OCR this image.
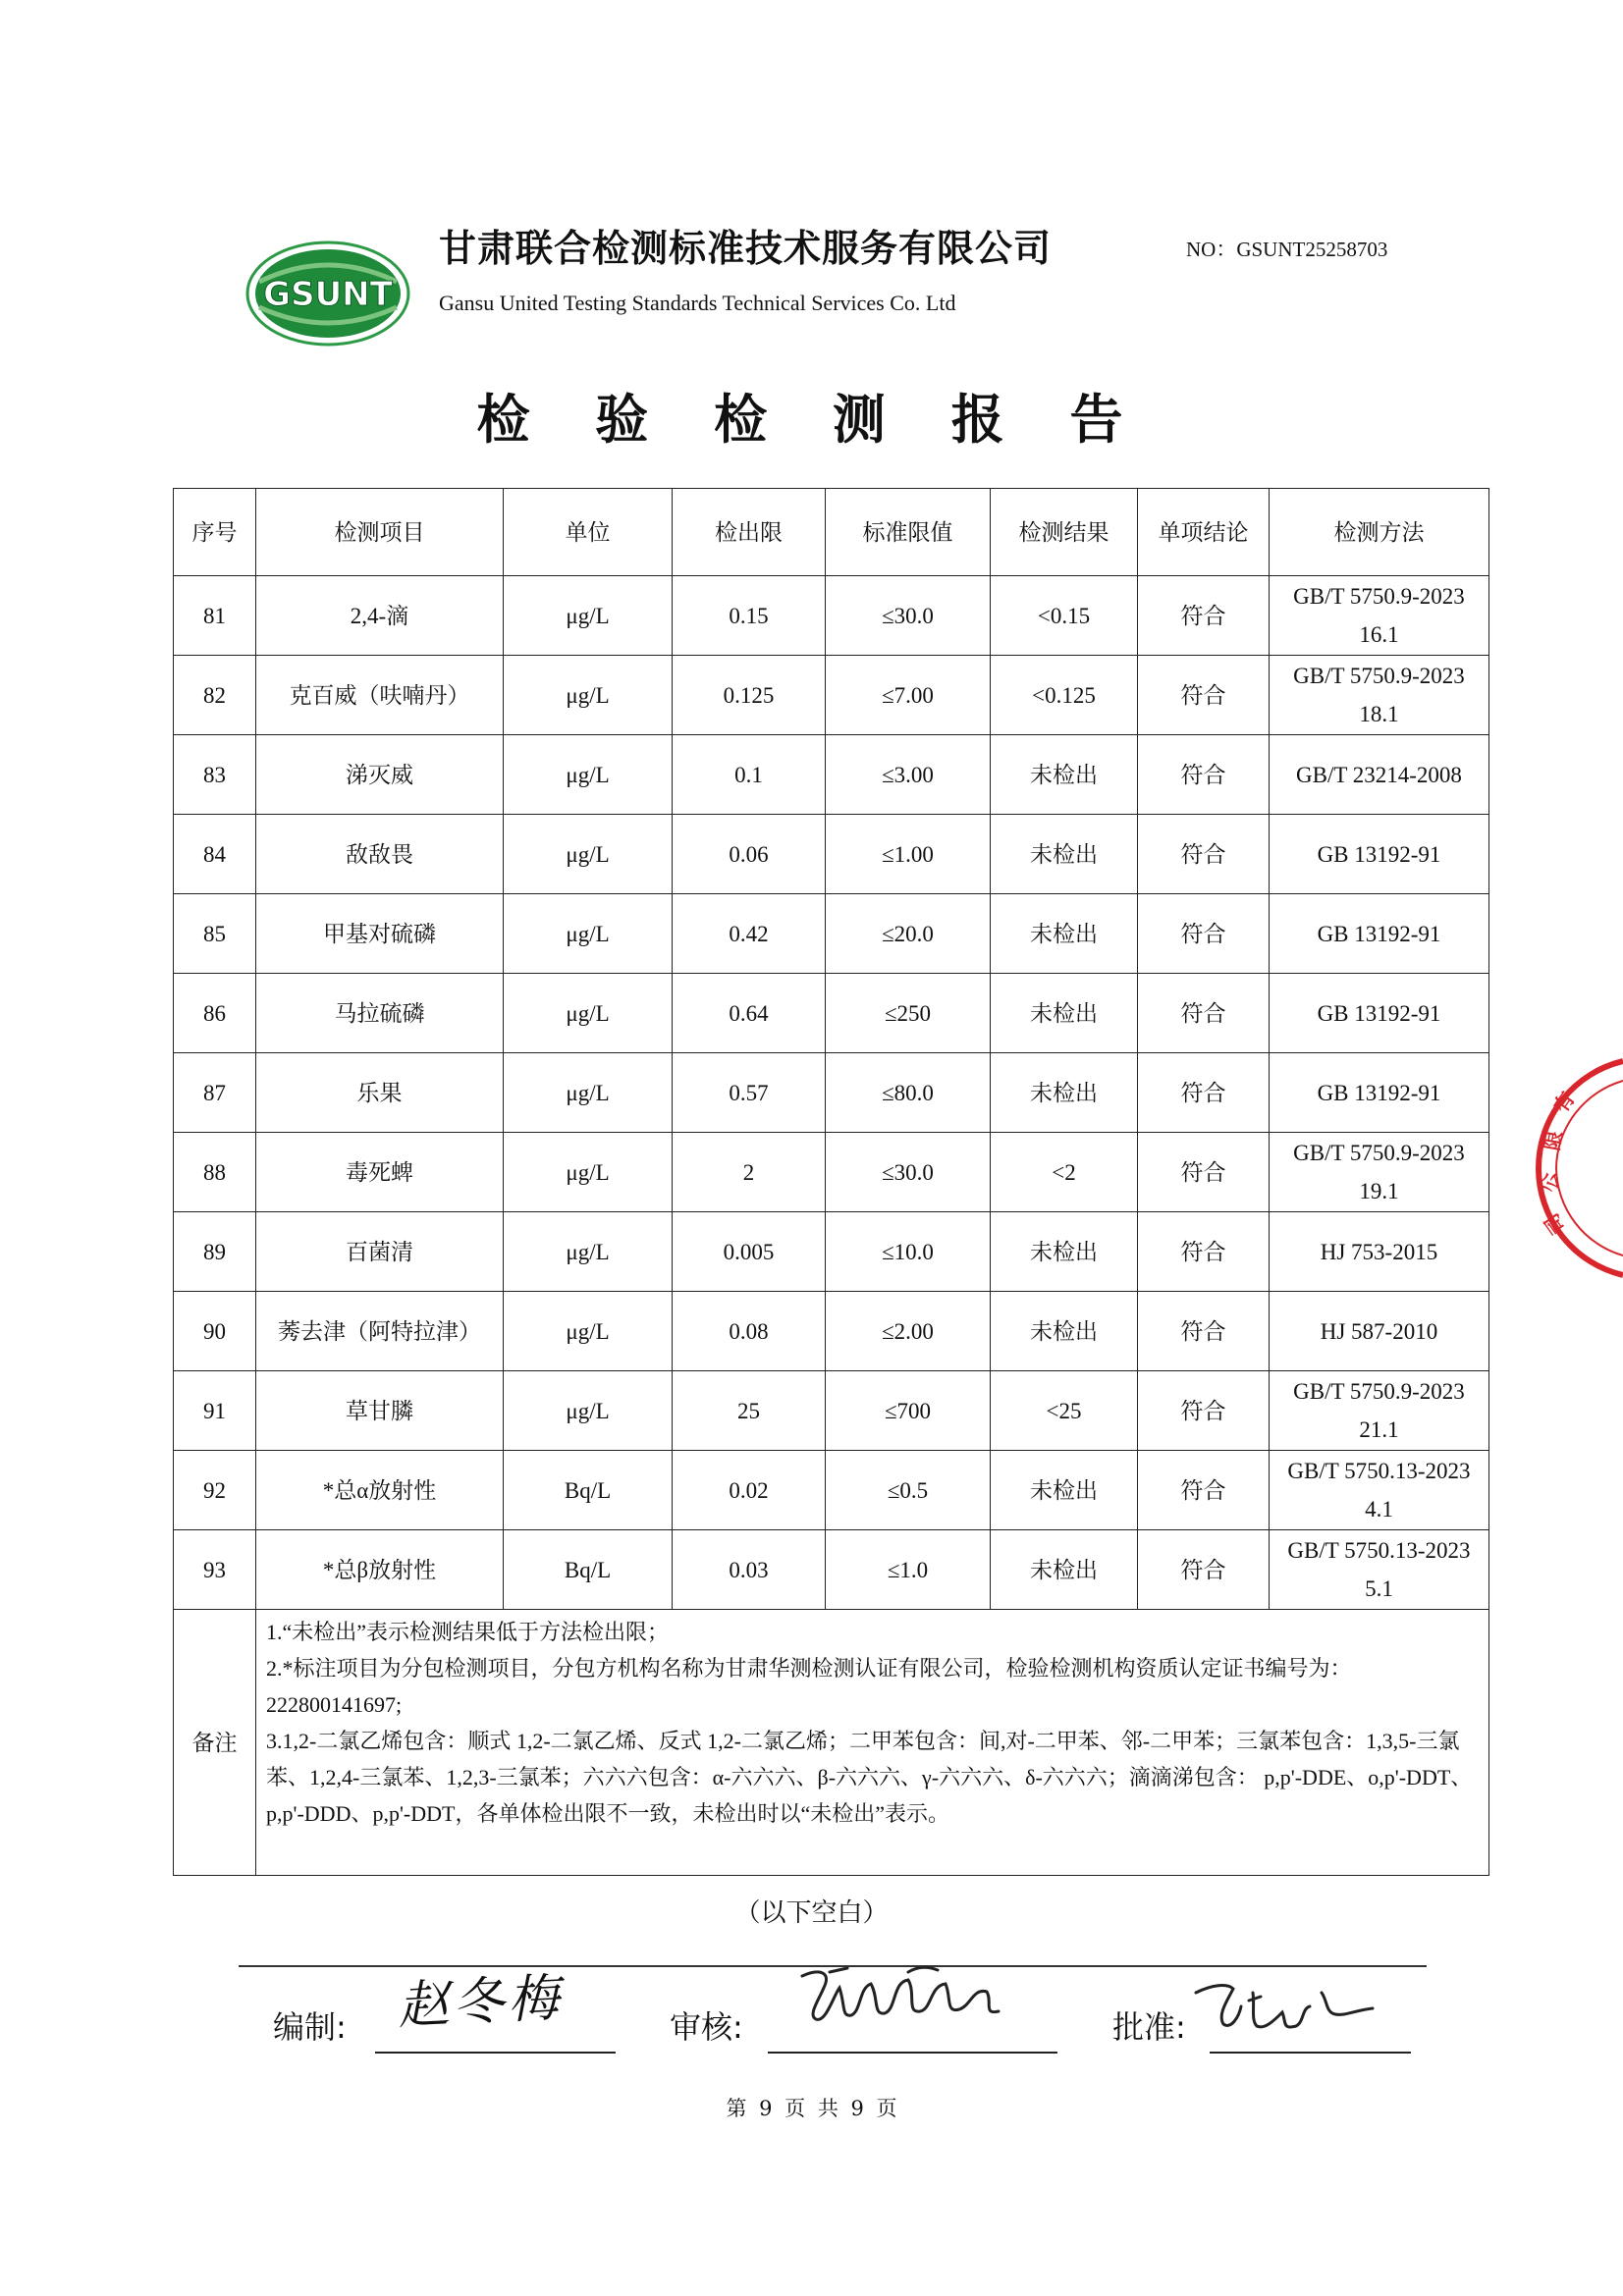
GSUNT
甘肃联合检测标准技术服务有限公司
Gansu United Testing Standards Technical Services Co. Ltd
NO：GSUNT25258703
检 验 检 测 报 告
序号	检测项目	单位	检出限	标准限值	检测结果	单项结论	检测方法
81	2,4-滴	μg/L	0.15	≤30.0	<0.15	符合	GB/T 5750.9-2023
16.1

82	克百威（呋喃丹）	μg/L	0.125	≤7.00	<0.125	符合	GB/T 5750.9-2023
18.1

83	涕灭威	μg/L	0.1	≤3.00	未检出	符合	GB/T 23214-2008

84	敌敌畏	μg/L	0.06	≤1.00	未检出	符合	GB 13192-91

85	甲基对硫磷	μg/L	0.42	≤20.0	未检出	符合	GB 13192-91

86	马拉硫磷	μg/L	0.64	≤250	未检出	符合	GB 13192-91

87	乐果	μg/L	0.57	≤80.0	未检出	符合	GB 13192-91

88	毒死蜱	μg/L	2	≤30.0	<2	符合	GB/T 5750.9-2023
19.1

89	百菌清	μg/L	0.005	≤10.0	未检出	符合	HJ 753-2015

90	莠去津（阿特拉津）	μg/L	0.08	≤2.00	未检出	符合	HJ 587-2010

91	草甘膦	μg/L	25	≤700	<25	符合	GB/T 5750.9-2023
21.1

92	*总α放射性	Bq/L	0.02	≤0.5	未检出	符合	GB/T 5750.13-2023
4.1

93	*总β放射性	Bq/L	0.03	≤1.0	未检出	符合	GB/T 5750.13-2023
5.1

备注	1.“未检出”表示检测结果低于方法检出限；

2.*标注项目为分包检测项目，分包方机构名称为甘肃华测检测认证有限公司，检验检测机构资质认定证书编号为：222800141697;

3.1,2-二氯乙烯包含：顺式 1,2-二氯乙烯、反式 1,2-二氯乙烯；二甲苯包含：间,对-二甲苯、邻-二甲苯；三氯苯包含：1,3,5-三氯苯、1,2,4-三氯苯、1,2,3-三氯苯；六六六包含：α-六六六、β-六六六、γ-六六六、δ-六六六；滴滴涕包含： p,p'-DDE、o,p'-DDT、p,p'-DDD、p,p'-DDT，各单体检出限不一致，未检出时以“未检出”表示。						

（以下空白）
编制: 赵冬梅	审核:	批准:
第 9 页 共 9 页
有
限
公
司
